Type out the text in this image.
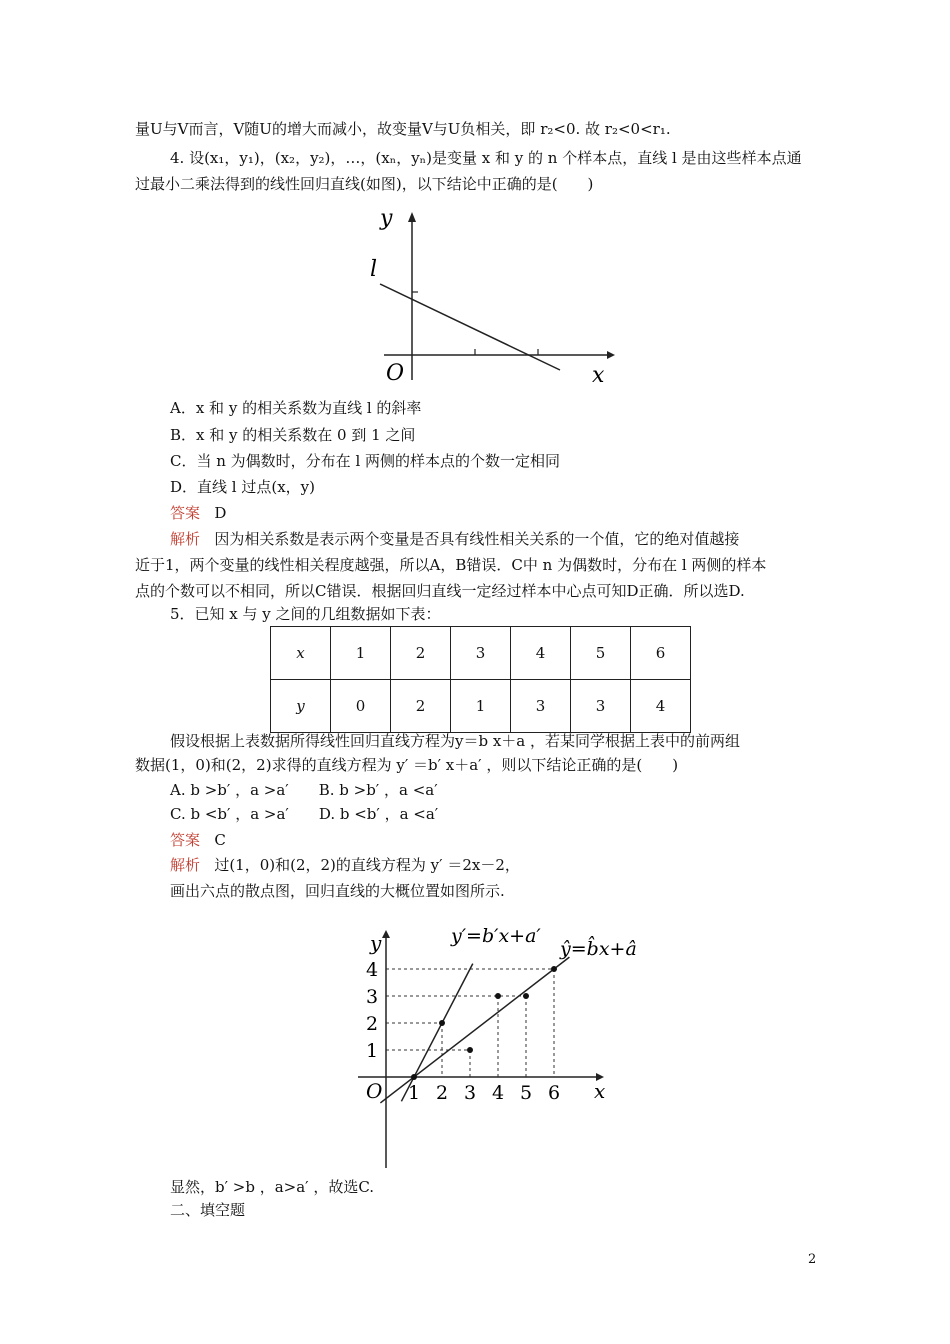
量U与V而言，V随U的增大而减小，故变量V与U负相关，即 r₂<0. 故 r₂<0<r₁.
4. 设(x₁，y₁)，(x₂，y₂)，…，(xₙ，yₙ)是变量 x 和 y 的 n 个样本点，直线 l 是由这些样本点通
过最小二乘法得到的线性回归直线(如图)，以下结论中正确的是(　　)
y
l
O	x
A．x 和 y 的相关系数为直线 l 的斜率
B．x 和 y 的相关系数在 0 到 1 之间
C．当 n 为偶数时，分布在 l 两侧的样本点的个数一定相同
D．直线 l 过点(x，y)
答案 D
解析 因为相关系数是表示两个变量是否具有线性相关关系的一个值，它的绝对值越接
近于1，两个变量的线性相关程度越强，所以A，B错误．C中 n 为偶数时，分布在 l 两侧的样本
点的个数可以不相同，所以C错误．根据回归直线一定经过样本中心点可知D正确．所以选D.
5．已知 x 与 y 之间的几组数据如下表：
x	1	2	3	4	5	6
y	0	2	1	3	3	4
假设根据上表数据所得线性回归直线方程为y＝b x＋a ，若某同学根据上表中的前两组
数据(1，0)和(2，2)求得的直线方程为 y′ ＝b′ x＋a′ ，则以下结论正确的是(　　)
A. b >b′ ，a >a′　　B. b >b′ ，a <a′
C. b <b′ ，a >a′　　D. b <b′ ，a <a′
答案 C
解析 过(1，0)和(2，2)的直线方程为 y′ ＝2x－2，
画出六点的散点图，回归直线的大概位置如图所示.
1 2 3 4 5 6
1
2
3
4
y′=b′x+a′
ŷ=b̂x+â
y
x
O
显然，b′ >b ，a>a′ ，故选C.
二、填空题
2
